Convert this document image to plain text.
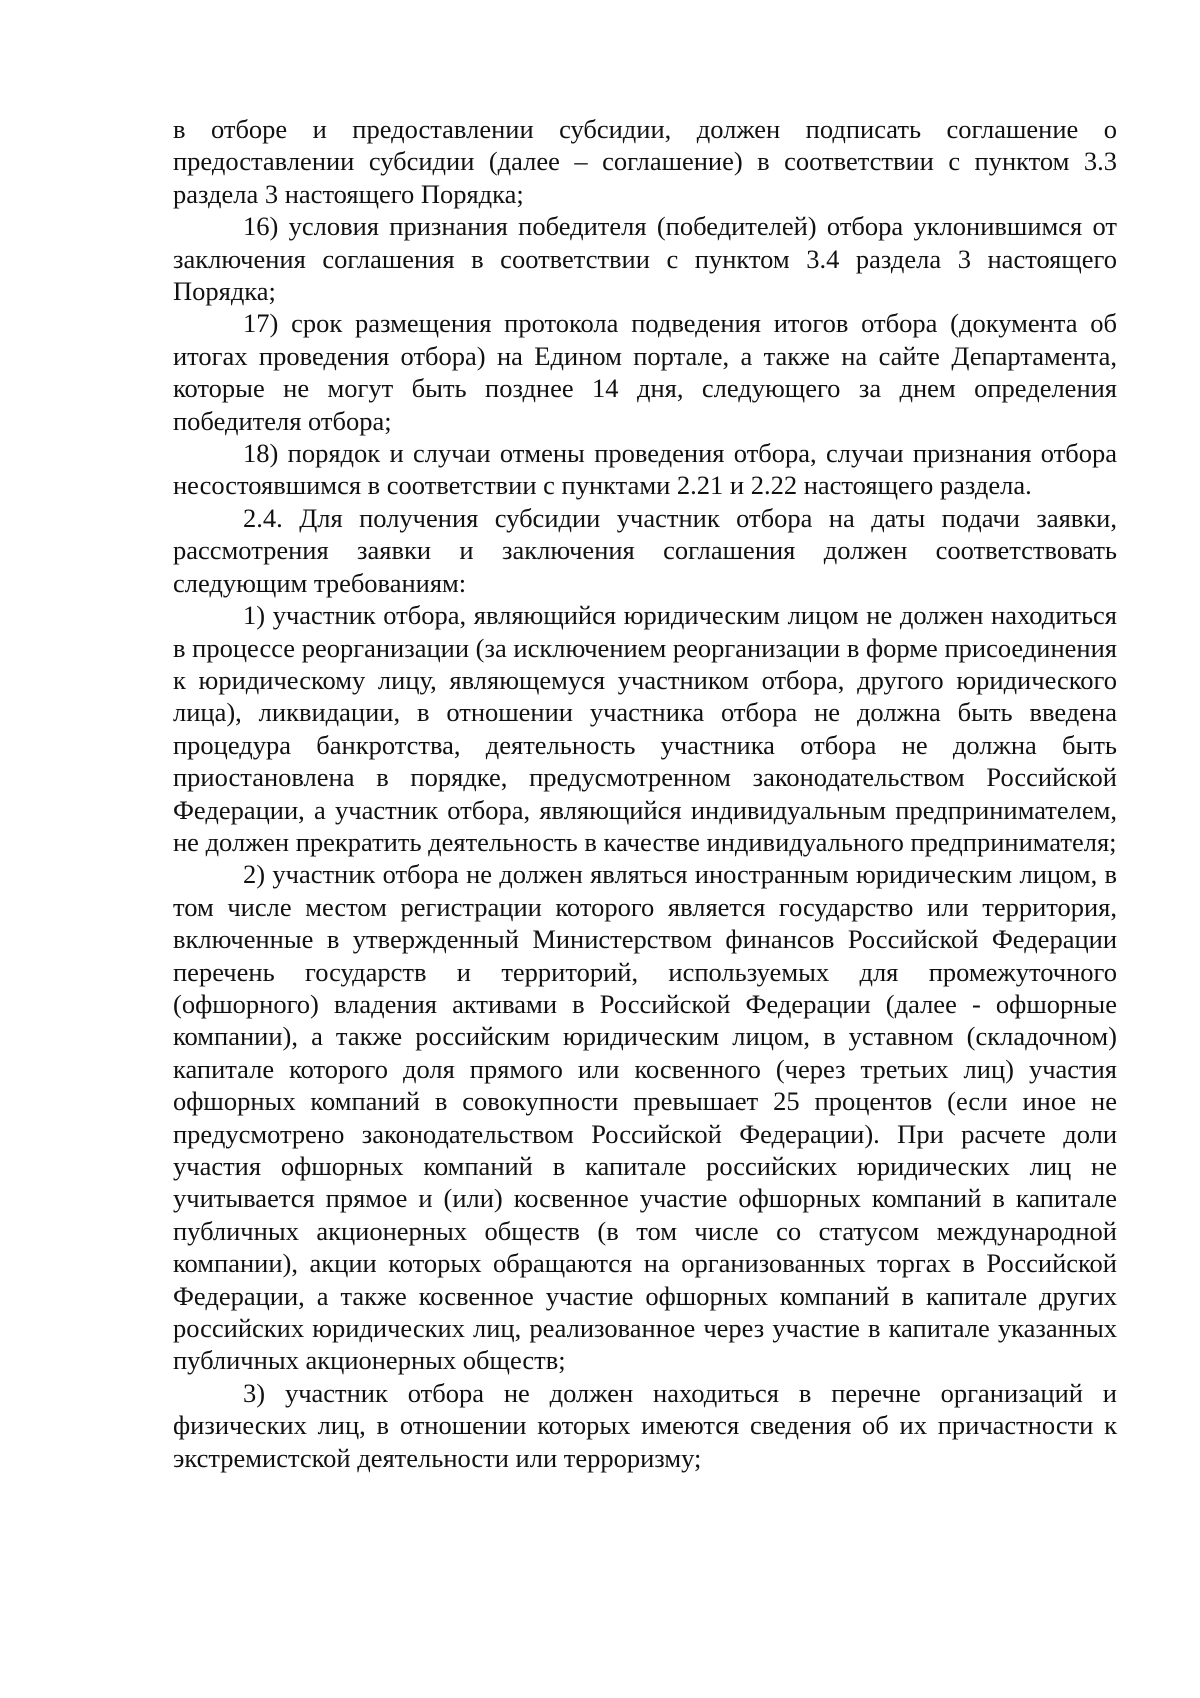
в отборе и предоставлении субсидии, должен подписать соглашение о предоставлении субсидии (далее – соглашение) в соответствии с пунктом 3.3 раздела 3 настоящего Порядка;

16) условия признания победителя (победителей) отбора уклонившимся от заключения соглашения в соответствии с пунктом 3.4 раздела 3 настоящего Порядка;

17) срок размещения протокола подведения итогов отбора (документа об итогах проведения отбора) на Едином портале, а также на сайте Департамента, которые не могут быть позднее 14 дня, следующего за днем определения победителя отбора;

18) порядок и случаи отмены проведения отбора, случаи признания отбора несостоявшимся в соответствии с пунктами 2.21 и 2.22 настоящего раздела.

2.4. Для получения субсидии участник отбора на даты подачи заявки, рассмотрения заявки и заключения соглашения должен соответствовать следующим требованиям:

1) участник отбора, являющийся юридическим лицом не должен находиться в процессе реорганизации (за исключением реорганизации в форме присоединения к юридическому лицу, являющемуся участником отбора, другого юридического лица), ликвидации, в отношении участника отбора не должна быть введена процедура банкротства, деятельность участника отбора не должна быть приостановлена в порядке, предусмотренном законодательством Российской Федерации, а участник отбора, являющийся индивидуальным предпринимателем, не должен прекратить деятельность в качестве индивидуального предпринимателя;

2) участник отбора не должен являться иностранным юридическим лицом, в том числе местом регистрации которого является государство или территория, включенные в утвержденный Министерством финансов Российской Федерации перечень государств и территорий, используемых для промежуточного (офшорного) владения активами в Российской Федерации (далее - офшорные компании), а также российским юридическим лицом, в уставном (складочном) капитале которого доля прямого или косвенного (через третьих лиц) участия офшорных компаний в совокупности превышает 25 процентов (если иное не предусмотрено законодательством Российской Федерации). При расчете доли участия офшорных компаний в капитале российских юридических лиц не учитывается прямое и (или) косвенное участие офшорных компаний в капитале публичных акционерных обществ (в том числе со статусом международной компании), акции которых обращаются на организованных торгах в Российской Федерации, а также косвенное участие офшорных компаний в капитале других российских юридических лиц, реализованное через участие в капитале указанных публичных акционерных обществ;

3) участник отбора не должен находиться в перечне организаций и физических лиц, в отношении которых имеются сведения об их причастности к экстремистской деятельности или терроризму;
